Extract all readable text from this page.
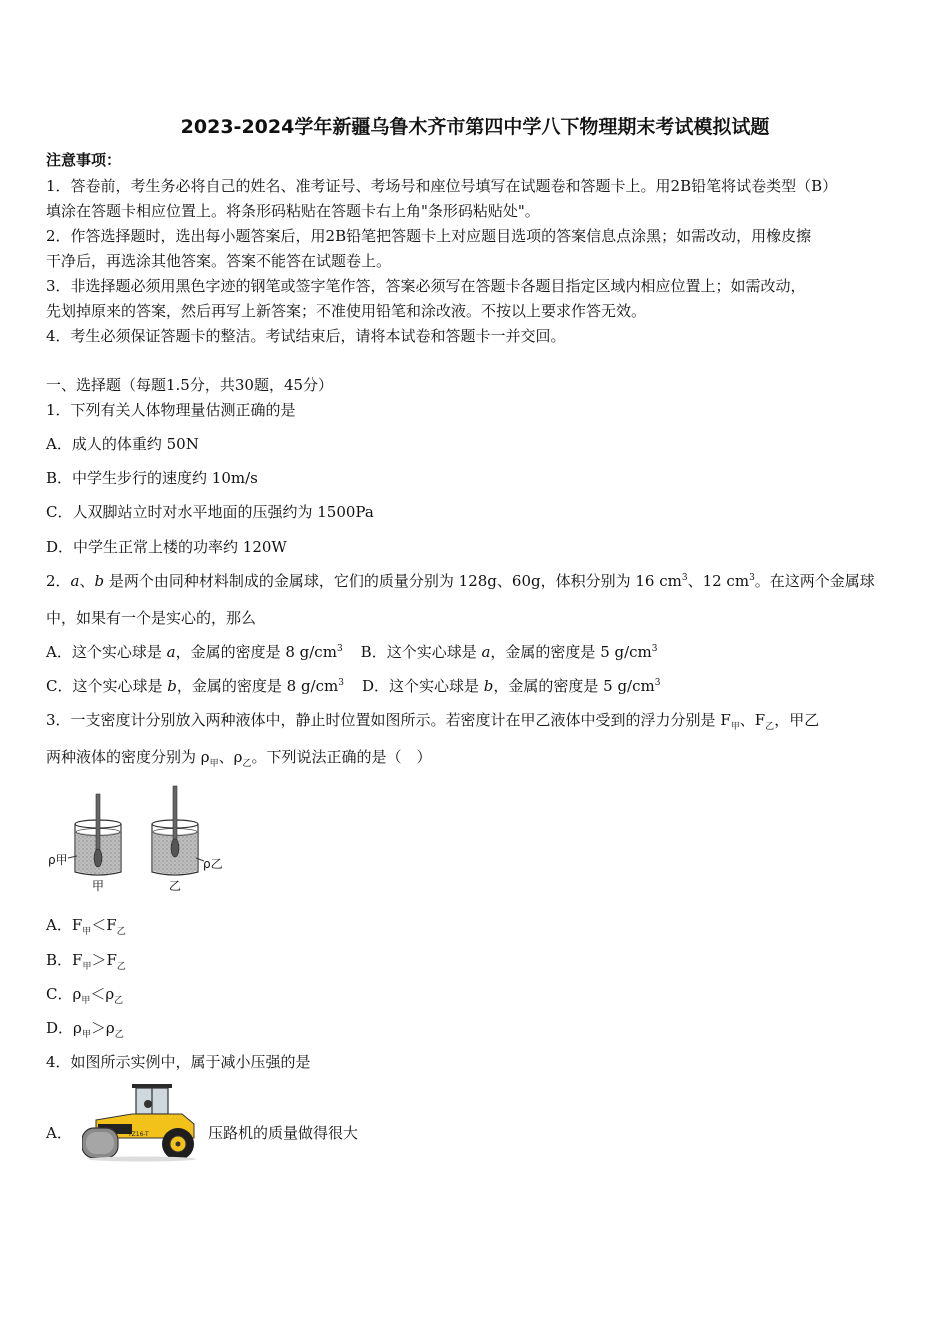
2023-2024学年新疆乌鲁木齐市第四中学八下物理期末考试模拟试题
注意事项：
1．答卷前，考生务必将自己的姓名、准考证号、考场号和座位号填写在试题卷和答题卡上。用2B铅笔将试卷类型（B）
填涂在答题卡相应位置上。将条形码粘贴在答题卡右上角"条形码粘贴处"。
2．作答选择题时，选出每小题答案后，用2B铅笔把答题卡上对应题目选项的答案信息点涂黑；如需改动，用橡皮擦
干净后，再选涂其他答案。答案不能答在试题卷上。
3．非选择题必须用黑色字迹的钢笔或签字笔作答，答案必须写在答题卡各题目指定区域内相应位置上；如需改动，
先划掉原来的答案，然后再写上新答案；不准使用铅笔和涂改液。不按以上要求作答无效。
4．考生必须保证答题卡的整洁。考试结束后，请将本试卷和答题卡一并交回。
一、选择题（每题1.5分，共30题，45分）
1．下列有关人体物理量估测正确的是
A．成人的体重约 50N
B．中学生步行的速度约 10m/s
C．人双脚站立时对水平地面的压强约为 1500Pa
D．中学生正常上楼的功率约 120W
2．a、b 是两个由同种材料制成的金属球，它们的质量分别为 128g、60g，体积分别为 16 $cm^3$、12 $cm^3$。在这两个金属球
中，如果有一个是实心的，那么
A．这个实心球是 a，金属的密度是 8 $g/cm^3$ B．这个实心球是 a，金属的密度是 5 $g/cm^3$
C．这个实心球是 b，金属的密度是 8 $g/cm^3$ D．这个实心球是 b，金属的密度是 5 $g/cm^3$
3．一支密度计分别放入两种液体中，静止时位置如图所示。若密度计在甲乙液体中受到的浮力分别是 $F_甲$、$F_乙$，甲乙
两种液体的密度分别为 $\rho_甲$、$\rho_乙$。下列说法正确的是（　）
ρ甲	ρ乙
甲	乙
A．$F_甲<F_乙$
B．$F_甲>F_乙$
C．$\rho_甲<\rho_乙$
D．$\rho_甲>\rho_乙$
4．如图所示实例中，属于减小压强的是
A．	YZ16-T	压路机的质量做得很大
